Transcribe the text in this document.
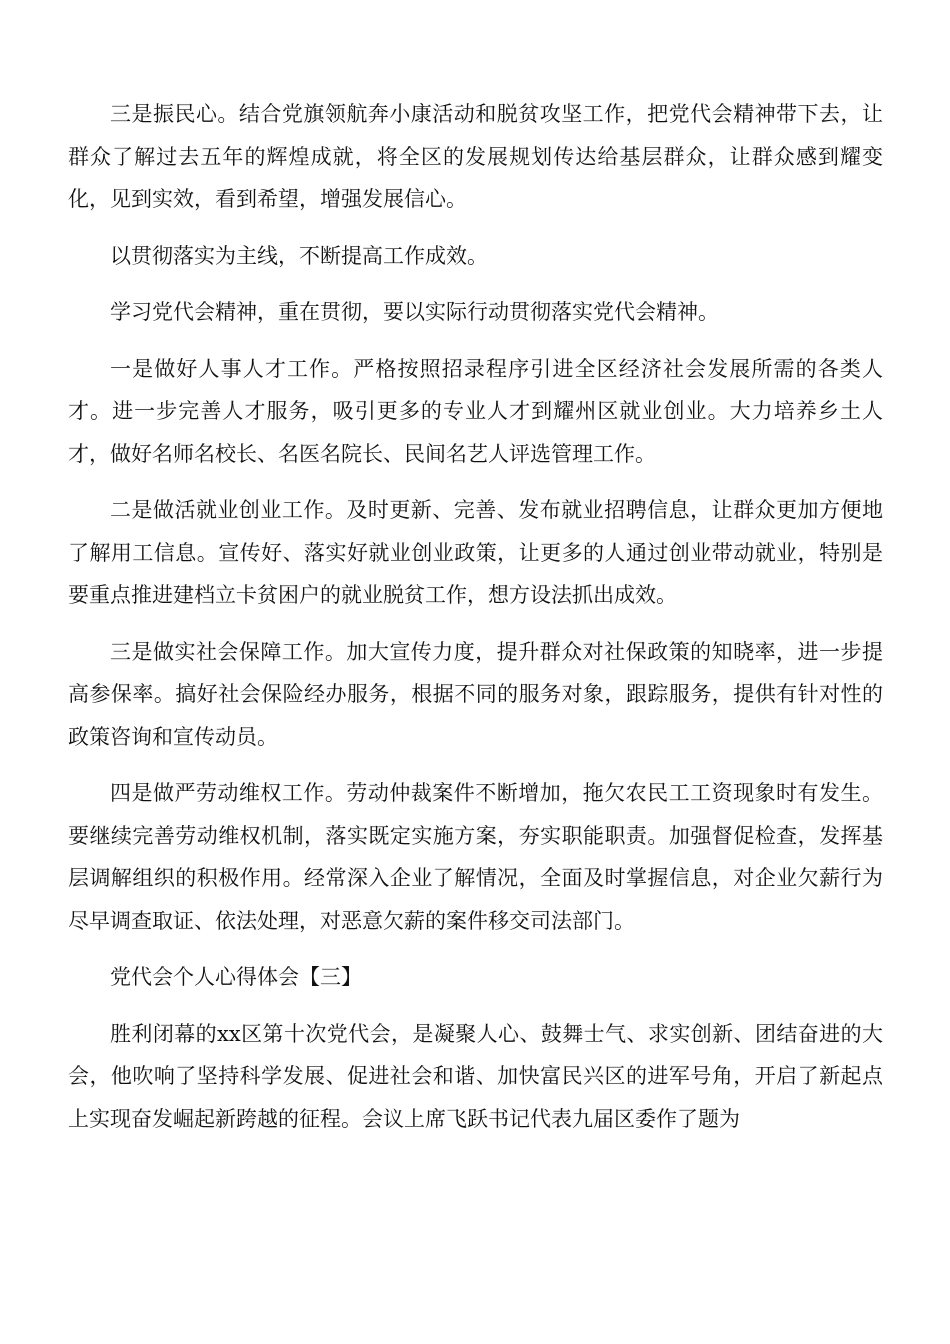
三是振民心。结合党旗领航奔小康活动和脱贫攻坚工作，把党代会精神带下去，让群众了解过去五年的辉煌成就，将全区的发展规划传达给基层群众，让群众感到耀变化，见到实效，看到希望，增强发展信心。

以贯彻落实为主线，不断提高工作成效。

学习党代会精神，重在贯彻，要以实际行动贯彻落实党代会精神。

一是做好人事人才工作。严格按照招录程序引进全区经济社会发展所需的各类人才。进一步完善人才服务，吸引更多的专业人才到耀州区就业创业。大力培养乡土人才，做好名师名校长、名医名院长、民间名艺人评选管理工作。

二是做活就业创业工作。及时更新、完善、发布就业招聘信息，让群众更加方便地了解用工信息。宣传好、落实好就业创业政策，让更多的人通过创业带动就业，特别是要重点推进建档立卡贫困户的就业脱贫工作，想方设法抓出成效。

三是做实社会保障工作。加大宣传力度，提升群众对社保政策的知晓率，进一步提高参保率。搞好社会保险经办服务，根据不同的服务对象，跟踪服务，提供有针对性的政策咨询和宣传动员。

四是做严劳动维权工作。劳动仲裁案件不断增加，拖欠农民工工资现象时有发生。要继续完善劳动维权机制，落实既定实施方案，夯实职能职责。加强督促检查，发挥基层调解组织的积极作用。经常深入企业了解情况，全面及时掌握信息，对企业欠薪行为尽早调查取证、依法处理，对恶意欠薪的案件移交司法部门。

党代会个人心得体会【三】

胜利闭幕的xx区第十次党代会，是凝聚人心、鼓舞士气、求实创新、团结奋进的大会，他吹响了坚持科学发展、促进社会和谐、加快富民兴区的进军号角，开启了新起点上实现奋发崛起新跨越的征程。会议上席飞跃书记代表九届区委作了题为
